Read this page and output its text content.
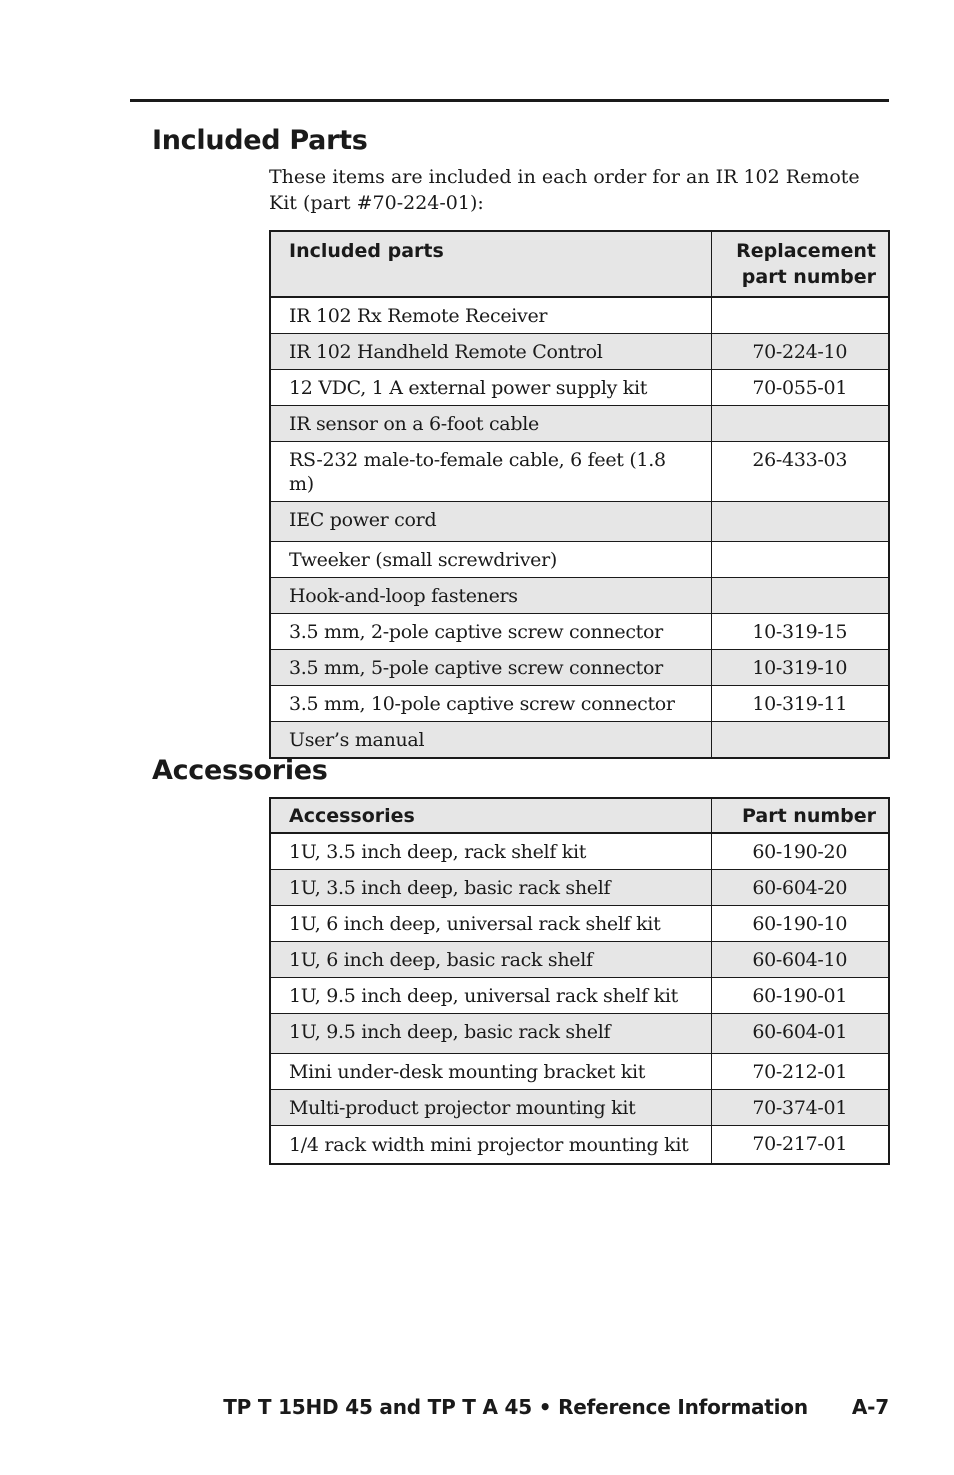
Included Parts

These items are included in each order for an IR 102 Remote Kit (part #70-224-01):

Included parts	Replacement part number
IR 102 Rx Remote Receiver	
IR 102 Handheld Remote Control	70-224-10
12 VDC, 1 A external power supply kit	70-055-01
IR sensor on a 6-foot cable	
RS-232 male-to-female cable, 6 feet (1.8 m)	26-433-03
IEC power cord	
Tweeker (small screwdriver)	
Hook-and-loop fasteners	
3.5 mm, 2-pole captive screw connector	10-319-15
3.5 mm, 5-pole captive screw connector	10-319-10
3.5 mm, 10-pole captive screw connector	10-319-11
User’s manual	
Accessories
Accessories	Part number
1U, 3.5 inch deep, rack shelf kit	60-190-20
1U, 3.5 inch deep, basic rack shelf	60-604-20
1U, 6 inch deep, universal rack shelf kit	60-190-10
1U, 6 inch deep, basic rack shelf	60-604-10
1U, 9.5 inch deep, universal rack shelf kit	60-190-01
1U, 9.5 inch deep, basic rack shelf	60-604-01
Mini under-desk mounting bracket kit	70-212-01
Multi-product projector mounting kit	70-374-01
1/4 rack width mini projector mounting kit	70-217-01
TP T 15HD 45 and TP T A 45 • Reference Information A-7
